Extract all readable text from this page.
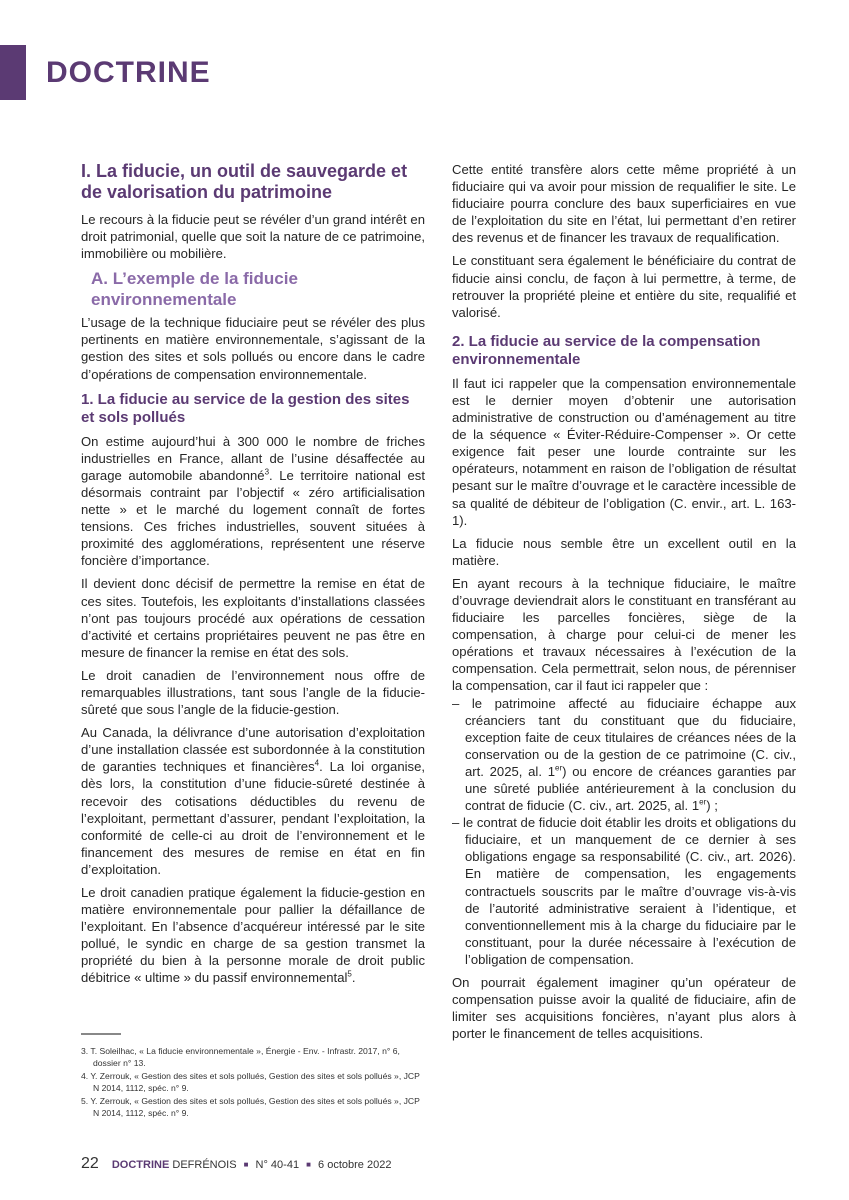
DOCTRINE
I. La fiducie, un outil de sauvegarde et de valorisation du patrimoine

Le recours à la fiducie peut se révéler d’un grand intérêt en droit patrimonial, quelle que soit la nature de ce patrimoine, immobilière ou mobilière.

A. L’exemple de la fiducie environnementale

L’usage de la technique fiduciaire peut se révéler des plus pertinents en matière environnementale, s’agissant de la gestion des sites et sols pollués ou encore dans le cadre d’opérations de compensation environnementale.

1. La fiducie au service de la gestion des sites et sols pollués

On estime aujourd’hui à 300 000 le nombre de friches industrielles en France, allant de l’usine désaffectée au garage automobile abandonné$^3$. Le territoire national est désormais contraint par l’objectif « zéro artificialisation nette » et le marché du logement connaît de fortes tensions. Ces friches industrielles, souvent situées à proximité des agglomérations, représentent une réserve foncière d’importance.

Il devient donc décisif de permettre la remise en état de ces sites. Toutefois, les exploitants d’installations classées n’ont pas toujours procédé aux opérations de cessation d’activité et certains propriétaires peuvent ne pas être en mesure de financer la remise en état des sols.

Le droit canadien de l’environnement nous offre de remarquables illustrations, tant sous l’angle de la fiducie-sûreté que sous l’angle de la fiducie-gestion.

Au Canada, la délivrance d’une autorisation d’exploitation d’une installation classée est subordonnée à la constitution de garanties techniques et financières$^4$. La loi organise, dès lors, la constitution d’une fiducie-sûreté destinée à recevoir des cotisations déductibles du revenu de l’exploitant, permettant d’assurer, pendant l’exploitation, la conformité de celle-ci au droit de l’environnement et le financement des mesures de remise en état en fin d’exploitation.

Le droit canadien pratique également la fiducie-gestion en matière environnementale pour pallier la défaillance de l’exploitant. En l’absence d’acquéreur intéressé par le site pollué, le syndic en charge de sa gestion transmet la propriété du bien à la personne morale de droit public débitrice « ultime » du passif environnemental$^5$.

Cette entité transfère alors cette même propriété à un fiduciaire qui va avoir pour mission de requalifier le site. Le fiduciaire pourra conclure des baux superficiaires en vue de l’exploitation du site en l’état, lui permettant d’en retirer des revenus et de financer les travaux de requalification.

Le constituant sera également le bénéficiaire du contrat de fiducie ainsi conclu, de façon à lui permettre, à terme, de retrouver la propriété pleine et entière du site, requalifié et valorisé.

2. La fiducie au service de la compensation environnementale

Il faut ici rappeler que la compensation environnementale est le dernier moyen d’obtenir une autorisation administrative de construction ou d’aménagement au titre de la séquence « Éviter-Réduire-Compenser ». Or cette exigence fait peser une lourde contrainte sur les opérateurs, notamment en raison de l’obligation de résultat pesant sur le maître d’ouvrage et le caractère incessible de sa qualité de débiteur de l’obligation (C. envir., art. L. 163-1).

La fiducie nous semble être un excellent outil en la matière.

En ayant recours à la technique fiduciaire, le maître d’ouvrage deviendrait alors le constituant en transférant au fiduciaire les parcelles foncières, siège de la compensation, à charge pour celui-ci de mener les opérations et travaux nécessaires à l’exécution de la compensation. Cela permettrait, selon nous, de pérenniser la compensation, car il faut ici rappeler que :

– le patrimoine affecté au fiduciaire échappe aux créanciers tant du constituant que du fiduciaire, exception faite de ceux titulaires de créances nées de la conservation ou de la gestion de ce patrimoine (C. civ., art. 2025, al. 1er) ou encore de créances garanties par une sûreté publiée antérieurement à la conclusion du contrat de fiducie (C. civ., art. 2025, al. 1er) ;

– le contrat de fiducie doit établir les droits et obligations du fiduciaire, et un manquement de ce dernier à ses obligations engage sa responsabilité (C. civ., art. 2026). En matière de compensation, les engagements contractuels souscrits par le maître d’ouvrage vis-à-vis de l’autorité administrative seraient à l’identique, et conventionnellement mis à la charge du fiduciaire par le constituant, pour la durée nécessaire à l’exécution de l’obligation de compensation.

On pourrait également imaginer qu’un opérateur de compensation puisse avoir la qualité de fiduciaire, afin de limiter ses acquisitions foncières, n’ayant plus alors à porter le financement de telles acquisitions.

3. T. Soleilhac, « La fiducie environnementale », Énergie - Env. - Infrastr. 2017, n° 6, dossier n° 13.
4. Y. Zerrouk, « Gestion des sites et sols pollués, Gestion des sites et sols pollués », JCP N 2014, 1112, spéc. n° 9.
5. Y. Zerrouk, « Gestion des sites et sols pollués, Gestion des sites et sols pollués », JCP N 2014, 1112, spéc. n° 9.
22 DOCTRINE DEFRÉNOIS ■ N° 40-41 ■ 6 octobre 2022
